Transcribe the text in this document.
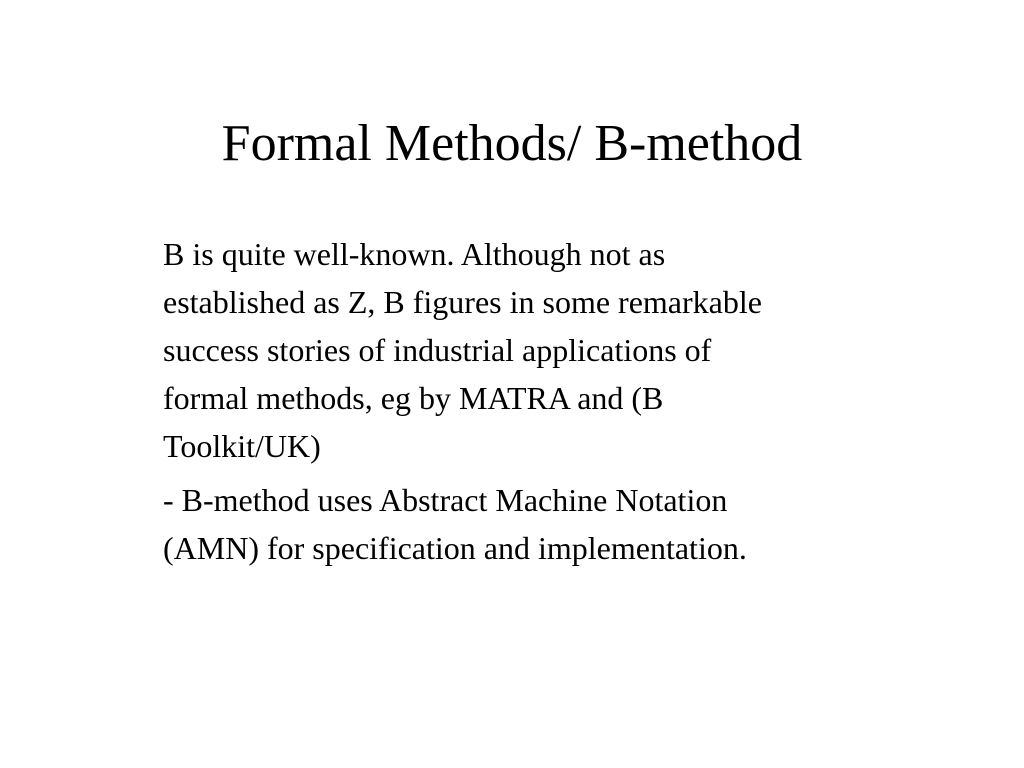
Formal Methods/ B-method

B is quite well-known. Although not as
established as Z, B figures in some remarkable
success stories of industrial applications of
formal methods, eg by MATRA and (B
Toolkit/UK)

- B-method uses Abstract Machine Notation
(AMN) for specification and implementation.
